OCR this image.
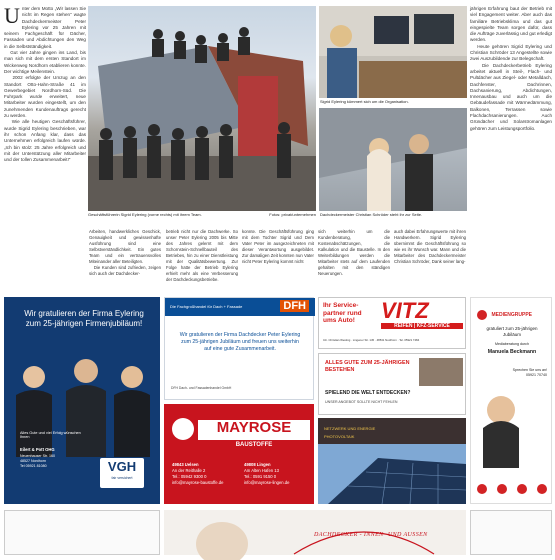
U nter dem Motto „Wir lassen Sie nicht im Regen stehen“ wagte Dachdeckermeister Peter Eylering vor 25 Jahren mit seinem Fachgeschäft für Dächer, Fassaden und Abdichtungen den Weg in die Selbstständigkeit.
Gut vier Jahre gingen ins Land, bis man sich mit dem ersten Standort im Wickenweg Nordhorn etablieren konnte. Der wichtige Meilenstein.
2002 erfolgte der Umzug an den Standort Otto-Hahn-Straße 41 im Gewerbegebiet Nordhorn-Süd. Die Fuhrpark wurde erweitert, neue Mitarbeiter wurden eingestellt, um den zunehmenden Kundenauftrags gerecht zu werden.
Wie alle heutigen Geschäftsführer, wurde Sigrid Eylering beschrieben, war ihr schon Anfang klar, dass das Unternehmen erfolgreich laufen würde. „Ich bin stolz: 25 Jahre erfolgreich und mit der Unterstützung aller Mitarbeiter und der tollen Zusammenarbeit!“
Arbeiten, handwerkliches Geschick, Genauigkeit und gewissenhafte Ausführung sind eine Selbstverständlichkeit. Ein gutes Team und ein vertrauensvolles Miteinander aller Beteiligten.
Die Kunden sind zufrieden, zeigen sich auch der Dachdecker-
betrieb nicht nur die Dachwerke. So unser Peter Eylering 2005 bis Mitte des Jahres gelernt mit dem Schornstein-Schnellbauteil des Betriebes, hin zu einer Dienstleistung mit der Qualitätsbewertung. Zur Folge hatte der Betrieb Eylering erhielt mehr als eine Verbesserung der Dachdeckungsbetriebe.
konnte. Die Geschäftsführung ging mit dem Tochter Sigrid und Dem Vater Peter im ausgezeichneten mit dieser Verantwortung ausgebildet. Zur damaligen Zeit konnten nun Vater nicht Peter Eylering kommt nicht
sich weiterhin um die Kundenberatung, die Kostenabschätzungen, die Kalkulation und die Baustelle. In den Weiterbildungen werden die Mitarbeiter stets auf dem Laufenden gehalten mit den ständigen Neuerungen.
auch dabei Erfahrungswerte mit ihren Handwerkern. Sigrid Eylering übernimmt die Geschäftsführung so wie es ihr Wunsch war. Mann und die Mitarbeiter des Dachdeckermeister Christian Schröder, Dank seiner lang-
jährigen Erfahrung baut der Betrieb mit viel Engagement weiter. Aber auch das familiäre Betriebsklima und das gut eingespielte Team sorgen dafür, dass die Aufträge zuverlässig und gut erledigt werden.
Heute gehören Sigrid Eylering und Christian Schröder 13 Angestellte sowie zwei Auszubildende zur Belegschaft.
Die Dachdeckerbetrieb Eylering arbeitet aktuell in Steil-, Flach- und Pultdächer aus Ziegel- oder Metalldach, Dachfenster, Dachrinnen, Dachsanierung, Abdichtungen, Innenausbau und auch um die Gebäudefassade mit Wärmedämmung, Balkonen, Terrassen sowie Flachdachsanierungen. Auch Gründächer und Solarstromanlagen gehören zum Leistungsportfolio.
Geschäftsführerin Sigrid Eylering (vorne rechts) mit ihrem Team.	Fotos: privat/unternehmen
Sigrid Eylering kümmert sich um die Organisation.
Dachdeckermeister Christian Schröder steht ihr zur Seite.
Wir gratulieren der Firma Eylering zum 25-jährigen Firmenjubiläum!
Alles Gute und viel Erfolg wünschen Ihnen
Eilert & Pott OHG
Neuenhauser Str. 160
48527 Nordhorn
Tel 05921 81080	VGH
fair versichert
Die Fachgroßhandel für Dach + Fassade	DFH
Wir gratulieren der Firma Dachdecker Peter Eylering zum 25-jährigen Jubiläum und freuen uns weiterhin auf eine gute Zusammenarbeit.
DFH Dach- und Fassadenhandel GmbH
MAYROSE
BAUSTOFFE
49843 Uelsen
An der Reithalle 2
Tel.: 05942 9300 0
info@mayrose-baustoffe.de
49808 Lingen
Am Alten Hafen 13
Tel.: 0591 9150 0
info@mayrose-lingen.de
Ihr Service-
partner rund
ums Auto!	VITZ
REIFEN | KFZ-SERVICE
Inh. Christian Westing · Lingener Str. 145 · 48531 Nordhorn · Tel. 05921 7484
ALLES GUTE ZUM 25-JÄHRIGEN BESTEHEN
SPIELEND DIE WELT ENTDECKEN?
UNSER ANGEBOT SOLLTE NICHT FEHLEN
NETZWERK UND ENERGIE
PHOTOVOLTAIK
MEDIENGRUPPE
gratuliert zum 25-jährigen Jubiläum
Mediaberatung durch
Manuela Beckmann
Sprechen Sie uns an!
05921 70740
DACHDECKER - INNEN- UND AUSSEN
